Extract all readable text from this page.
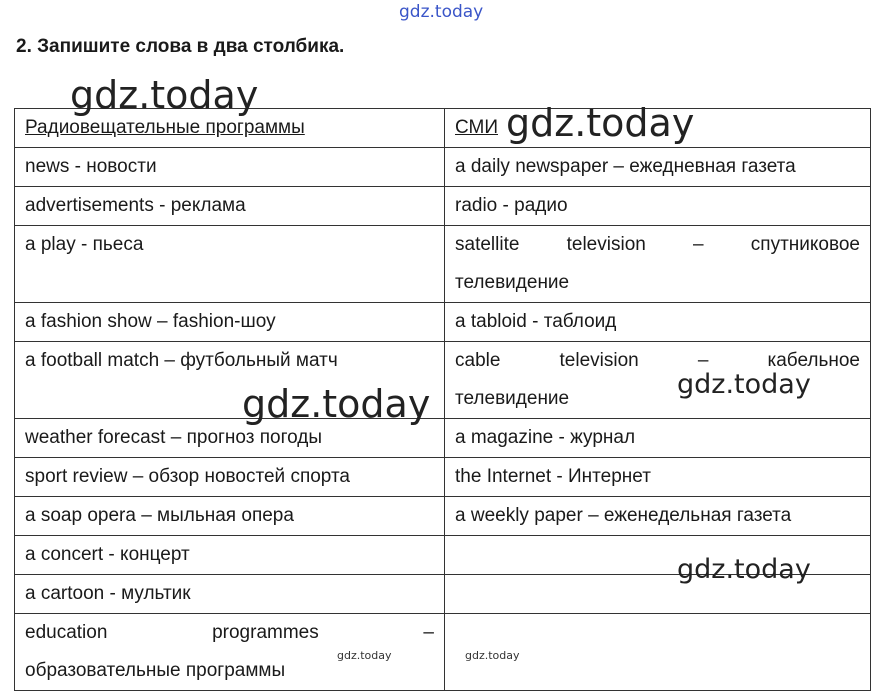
gdz.today
2. Запишите слова в два столбика.
Радиовещательные программы	СМИ
news - новости	a daily newspaper – ежедневная газета
advertisements - реклама	radio - радио
a play - пьеса	satellite television – спутниковое
телевидение

a fashion show – fashion-шоу	a tabloid - таблоид
a football match – футбольный матч	cable television – кабельное
телевидение

weather forecast – прогноз погоды	a magazine - журнал
sport review – обзор новостей спорта	the Internet - Интернет
a soap opera – мыльная опера	a weekly paper – еженедельная газета
a concert - концерт	
a cartoon - мультик	

education programmes –
образовательные программы	

gdz.today
gdz.today
gdz.today	gdz.today
gdz.today
gdz.today	gdz.today
